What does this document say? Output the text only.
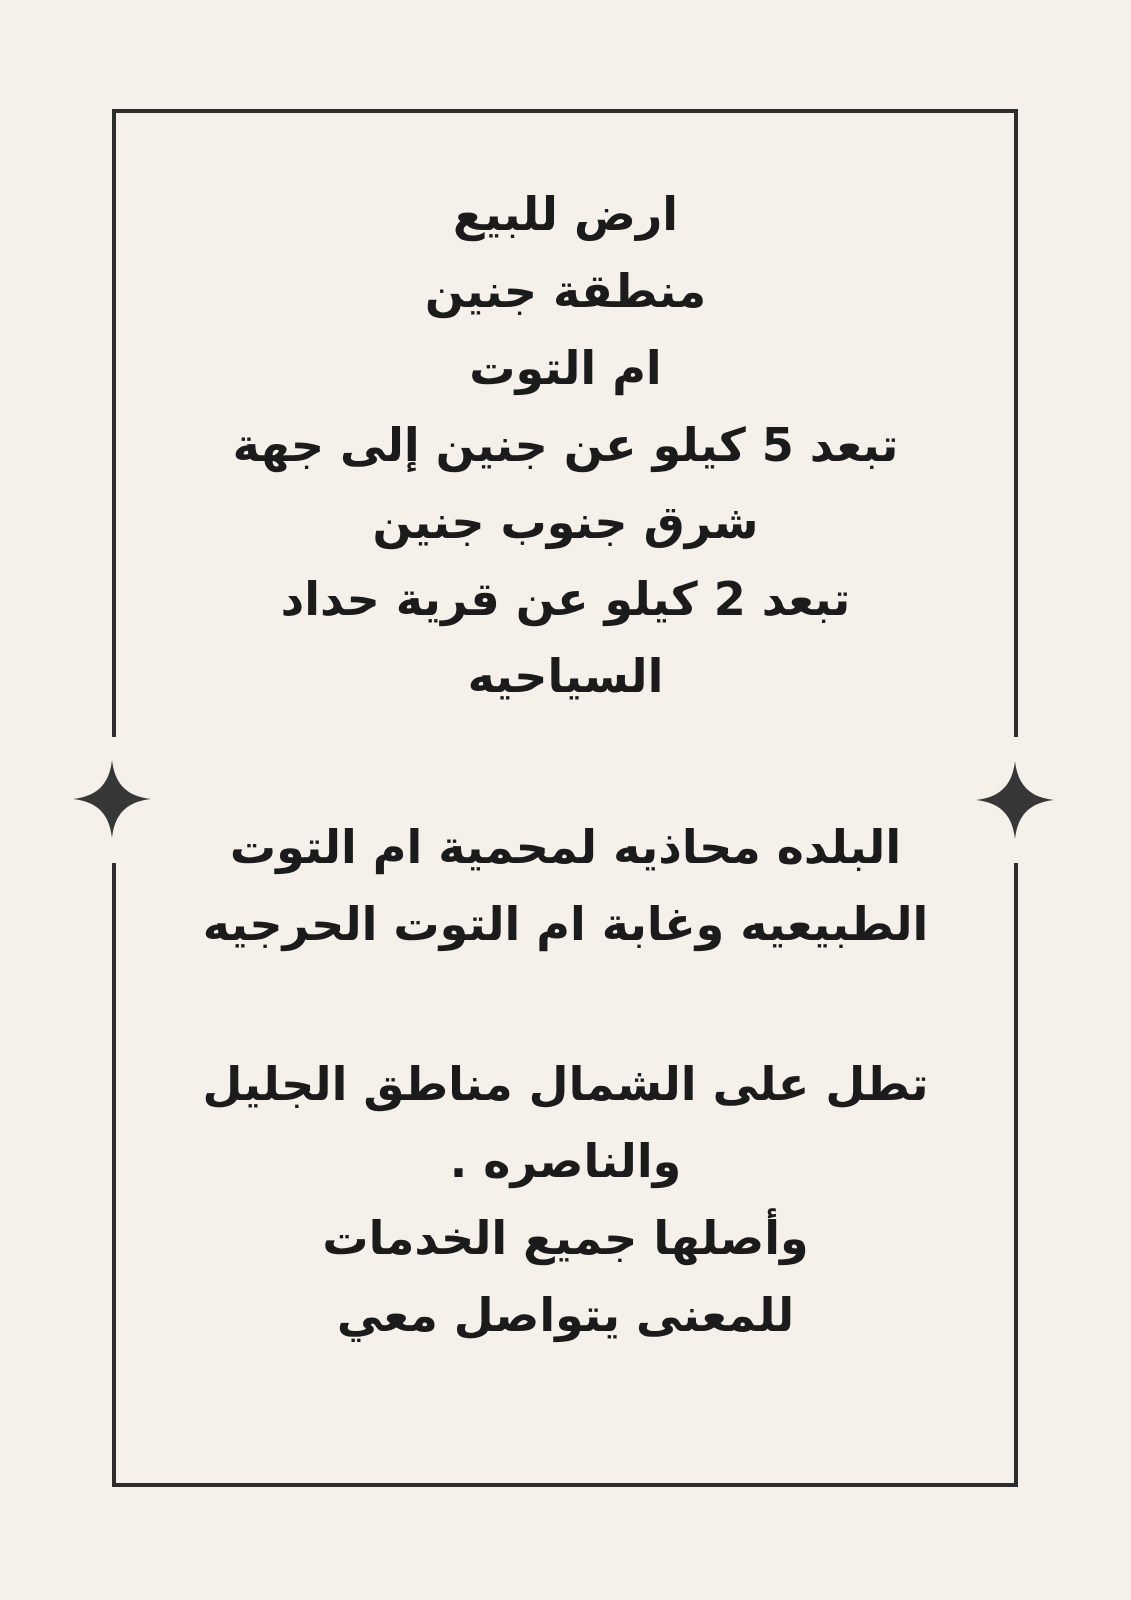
ارض للبيع
منطقة جنين
ام التوت
تبعد 5 كيلو عن جنين إلى جهة
شرق جنوب جنين
تبعد 2 كيلو عن قرية حداد
السياحيه
البلده محاذيه لمحمية ام التوت
الطبيعيه وغابة ام التوت الحرجيه
تطل على الشمال مناطق الجليل
والناصره .
وأصلها جميع الخدمات
للمعنى يتواصل معي
